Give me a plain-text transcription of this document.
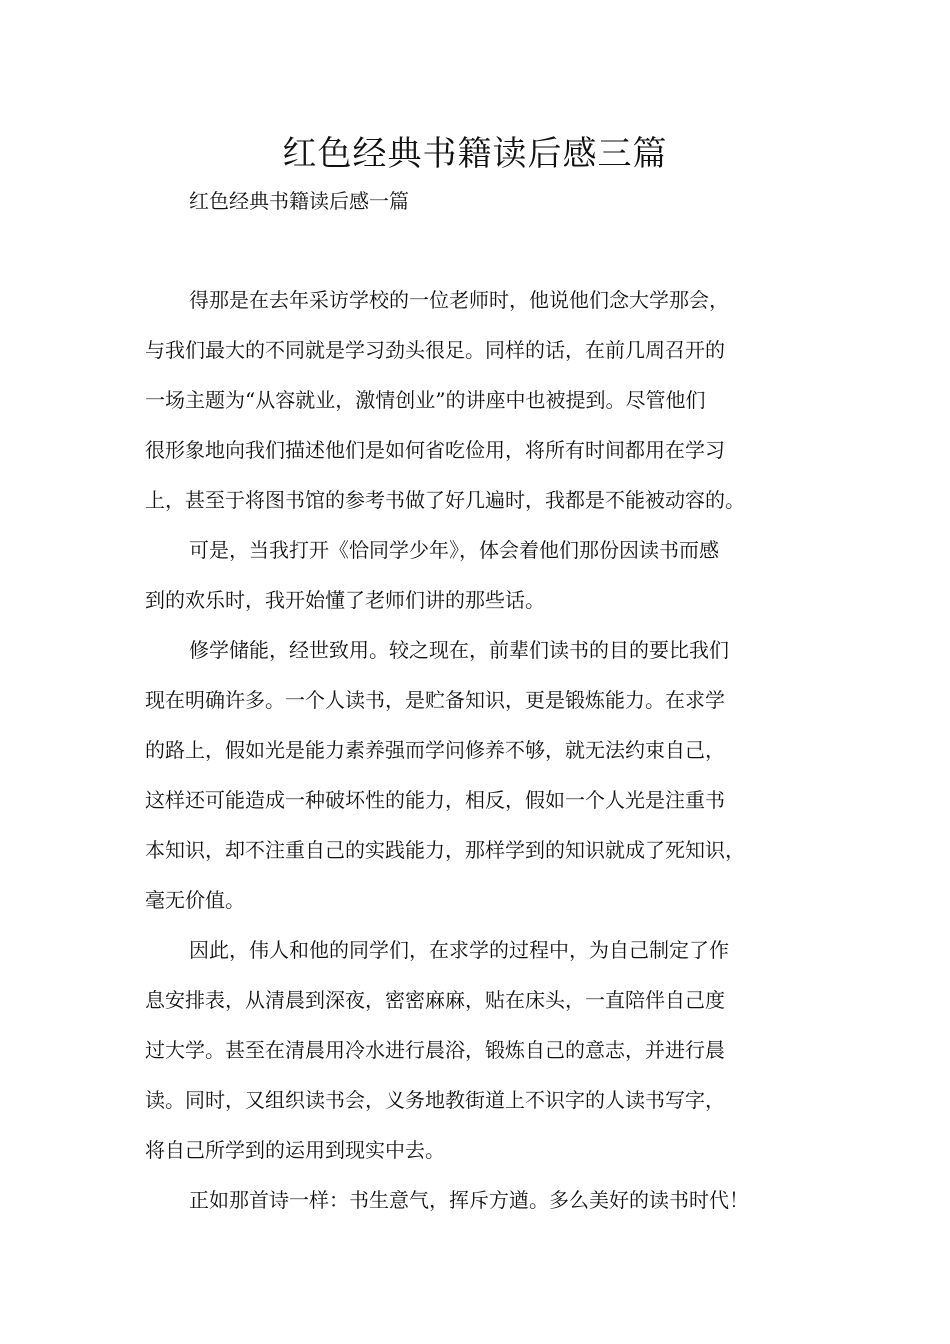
红色经典书籍读后感三篇
红色经典书籍读后感一篇
得那是在去年采访学校的一位老师时，他说他们念大学那会，
与我们最大的不同就是学习劲头很足。同样的话，在前几周召开的
一场主题为“从容就业，激情创业”的讲座中也被提到。尽管他们
很形象地向我们描述他们是如何省吃俭用，将所有时间都用在学习
上，甚至于将图书馆的参考书做了好几遍时，我都是不能被动容的。
可是，当我打开《恰同学少年》，体会着他们那份因读书而感
到的欢乐时，我开始懂了老师们讲的那些话。
修学储能，经世致用。较之现在，前辈们读书的目的要比我们
现在明确许多。一个人读书，是贮备知识，更是锻炼能力。在求学
的路上，假如光是能力素养强而学问修养不够，就无法约束自己，
这样还可能造成一种破坏性的能力，相反，假如一个人光是注重书
本知识，却不注重自己的实践能力，那样学到的知识就成了死知识，
毫无价值。
因此，伟人和他的同学们，在求学的过程中，为自己制定了作
息安排表，从清晨到深夜，密密麻麻，贴在床头，一直陪伴自己度
过大学。甚至在清晨用冷水进行晨浴，锻炼自己的意志，并进行晨
读。同时，又组织读书会，义务地教街道上不识字的人读书写字，
将自己所学到的运用到现实中去。
正如那首诗一样：书生意气，挥斥方遒。多么美好的读书时代！
